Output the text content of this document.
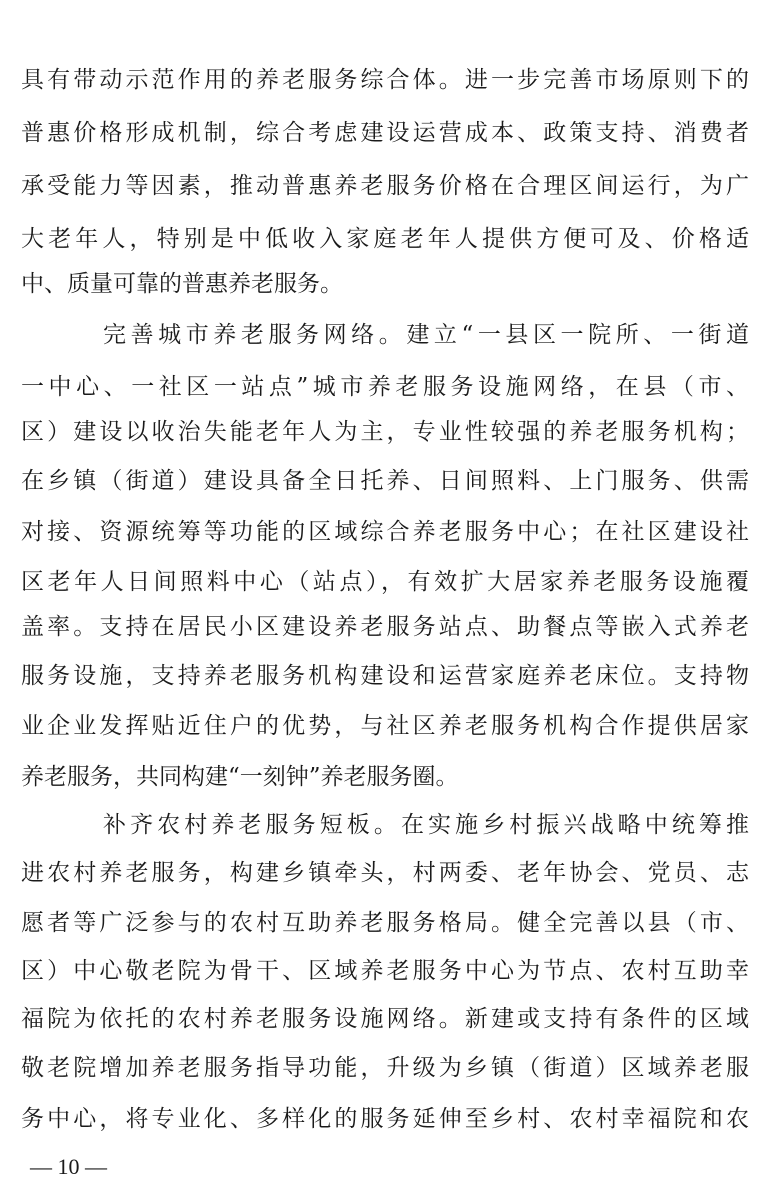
具有带动示范作用的养老服务综合体。进一步完善市场原则下的
普惠价格形成机制，综合考虑建设运营成本、政策支持、消费者
承受能力等因素，推动普惠养老服务价格在合理区间运行，为广
大老年人，特别是中低收入家庭老年人提供方便可及、价格适
中、质量可靠的普惠养老服务。
完善城市养老服务网络。建立“一县区一院所、一街道
一中心、一社区一站点”城市养老服务设施网络，在县（市、
区）建设以收治失能老年人为主，专业性较强的养老服务机构；
在乡镇（街道）建设具备全日托养、日间照料、上门服务、供需
对接、资源统筹等功能的区域综合养老服务中心；在社区建设社
区老年人日间照料中心（站点），有效扩大居家养老服务设施覆
盖率。支持在居民小区建设养老服务站点、助餐点等嵌入式养老
服务设施，支持养老服务机构建设和运营家庭养老床位。支持物
业企业发挥贴近住户的优势，与社区养老服务机构合作提供居家
养老服务，共同构建“一刻钟”养老服务圈。
补齐农村养老服务短板。在实施乡村振兴战略中统筹推
进农村养老服务，构建乡镇牵头，村两委、老年协会、党员、志
愿者等广泛参与的农村互助养老服务格局。健全完善以县（市、
区）中心敬老院为骨干、区域养老服务中心为节点、农村互助幸
福院为依托的农村养老服务设施网络。新建或支持有条件的区域
敬老院增加养老服务指导功能，升级为乡镇（街道）区域养老服
务中心，将专业化、多样化的服务延伸至乡村、农村幸福院和农
— 10 —
